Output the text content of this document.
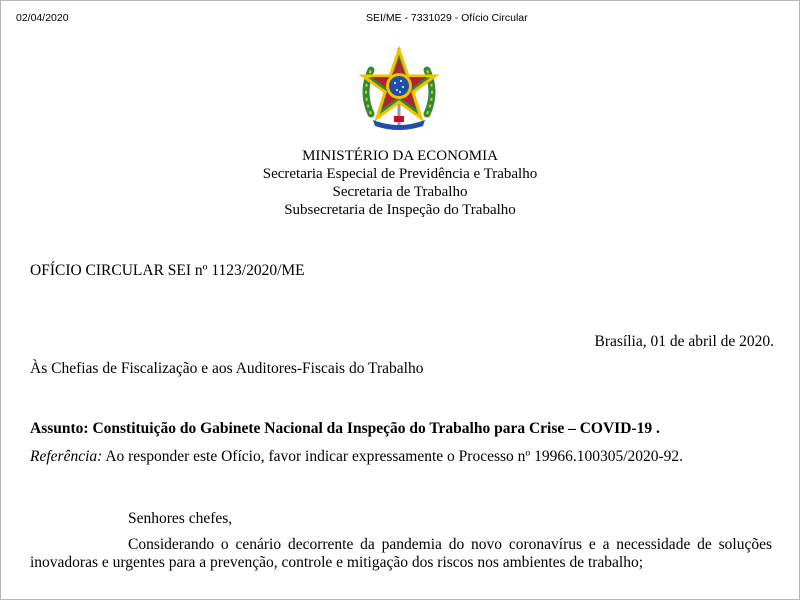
02/04/2020	SEI/ME - 7331029 - Ofício Circular
MINISTÉRIO DA ECONOMIA
Secretaria Especial de Previdência e Trabalho
Secretaria de Trabalho
Subsecretaria de Inspeção do Trabalho
OFÍCIO CIRCULAR SEI nº 1123/2020/ME
Brasília, 01 de abril de 2020.
Às Chefias de Fiscalização e aos Auditores-Fiscais do Trabalho
Assunto: Constituição do Gabinete Nacional da Inspeção do Trabalho para Crise – COVID-19 .
Referência: Ao responder este Ofício, favor indicar expressamente o Processo nº 19966.100305/2020-92.
Senhores chefes,
Considerando o cenário decorrente da pandemia do novo coronavírus e a necessidade de soluções inovadoras e urgentes para a prevenção, controle e mitigação dos riscos nos ambientes de trabalho;
